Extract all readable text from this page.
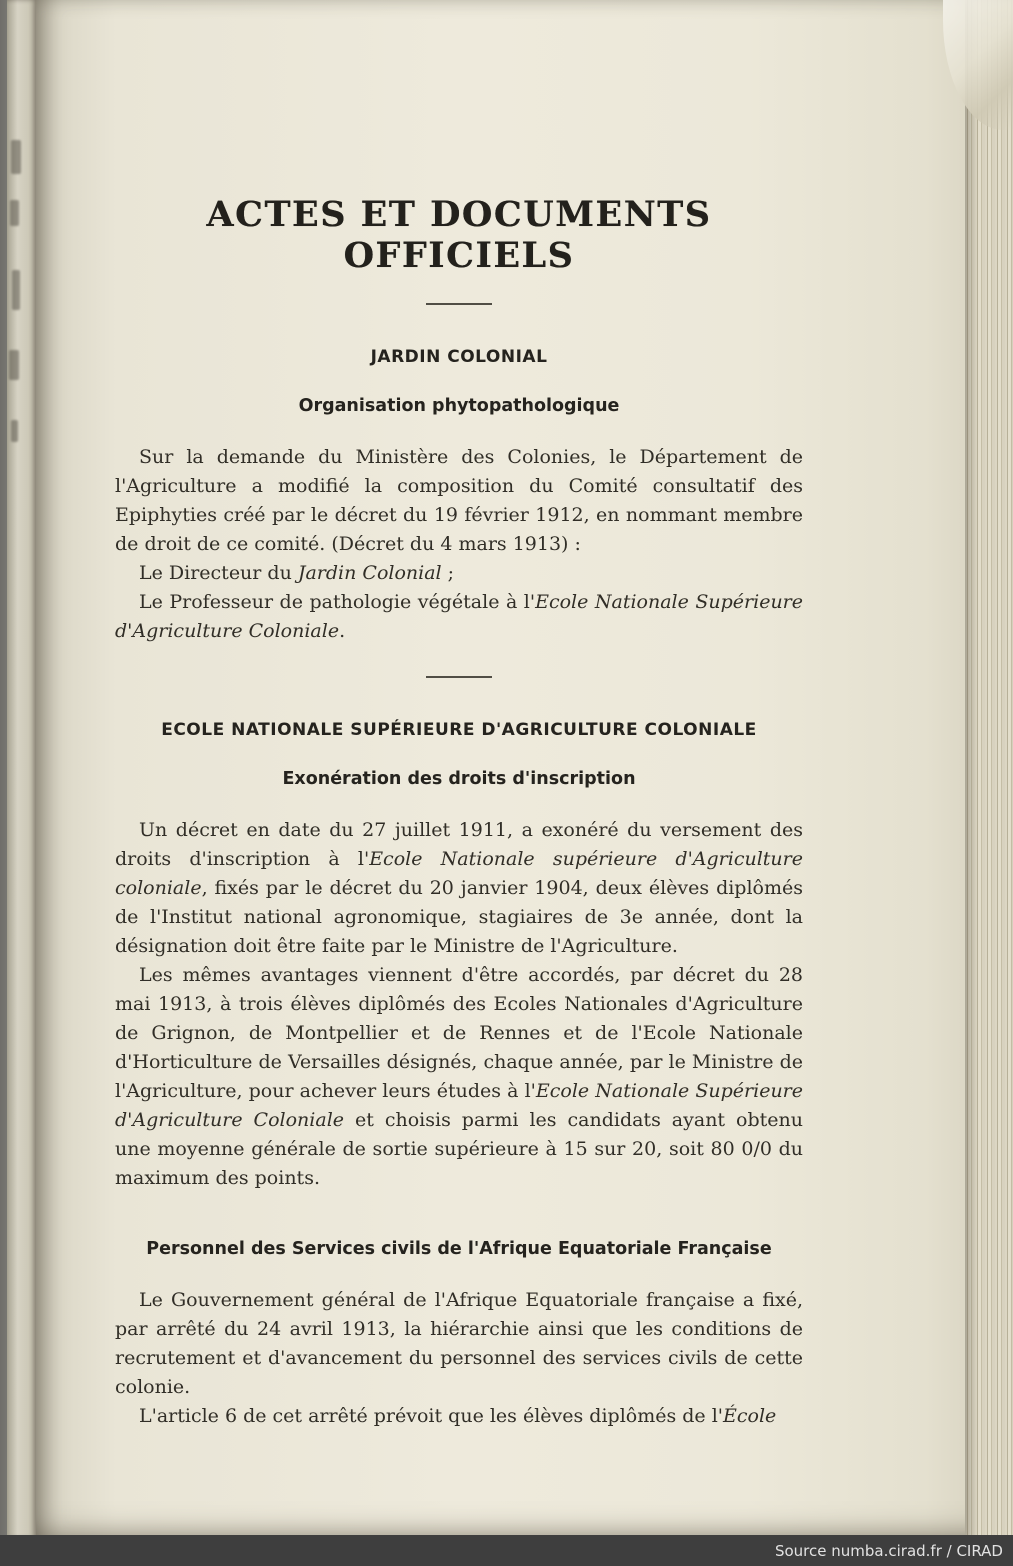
ACTES ET DOCUMENTS OFFICIELS
JARDIN COLONIAL
Organisation phytopathologique

Sur la demande du Ministère des Colonies, le Département de l'Agriculture a modifié la composition du Comité consultatif des Epiphyties créé par le décret du 19 février 1912, en nommant membre de droit de ce comité. (Décret du 4 mars 1913) :

Le Directeur du Jardin Colonial ;

Le Professeur de pathologie végétale à l'Ecole Nationale Supérieure d'Agriculture Coloniale.

ECOLE NATIONALE SUPÉRIEURE D'AGRICULTURE COLONIALE
Exonération des droits d'inscription

Un décret en date du 27 juillet 1911, a exonéré du versement des droits d'inscription à l'Ecole Nationale supérieure d'Agriculture coloniale, fixés par le décret du 20 janvier 1904, deux élèves diplômés de l'Institut national agronomique, stagiaires de 3e année, dont la désignation doit être faite par le Ministre de l'Agriculture.

Les mêmes avantages viennent d'être accordés, par décret du 28 mai 1913, à trois élèves diplômés des Ecoles Nationales d'Agriculture de Grignon, de Montpellier et de Rennes et de l'Ecole Nationale d'Horticulture de Versailles désignés, chaque année, par le Ministre de l'Agriculture, pour achever leurs études à l'Ecole Nationale Supérieure d'Agriculture Coloniale et choisis parmi les candidats ayant obtenu une moyenne générale de sortie supérieure à 15 sur 20, soit 80 0/0 du maximum des points.

Personnel des Services civils de l'Afrique Equatoriale Française

Le Gouvernement général de l'Afrique Equatoriale française a fixé, par arrêté du 24 avril 1913, la hiérarchie ainsi que les conditions de recrutement et d'avancement du personnel des services civils de cette colonie.

L'article 6 de cet arrêté prévoit que les élèves diplômés de l'École

Source numba.cirad.fr / CIRAD
